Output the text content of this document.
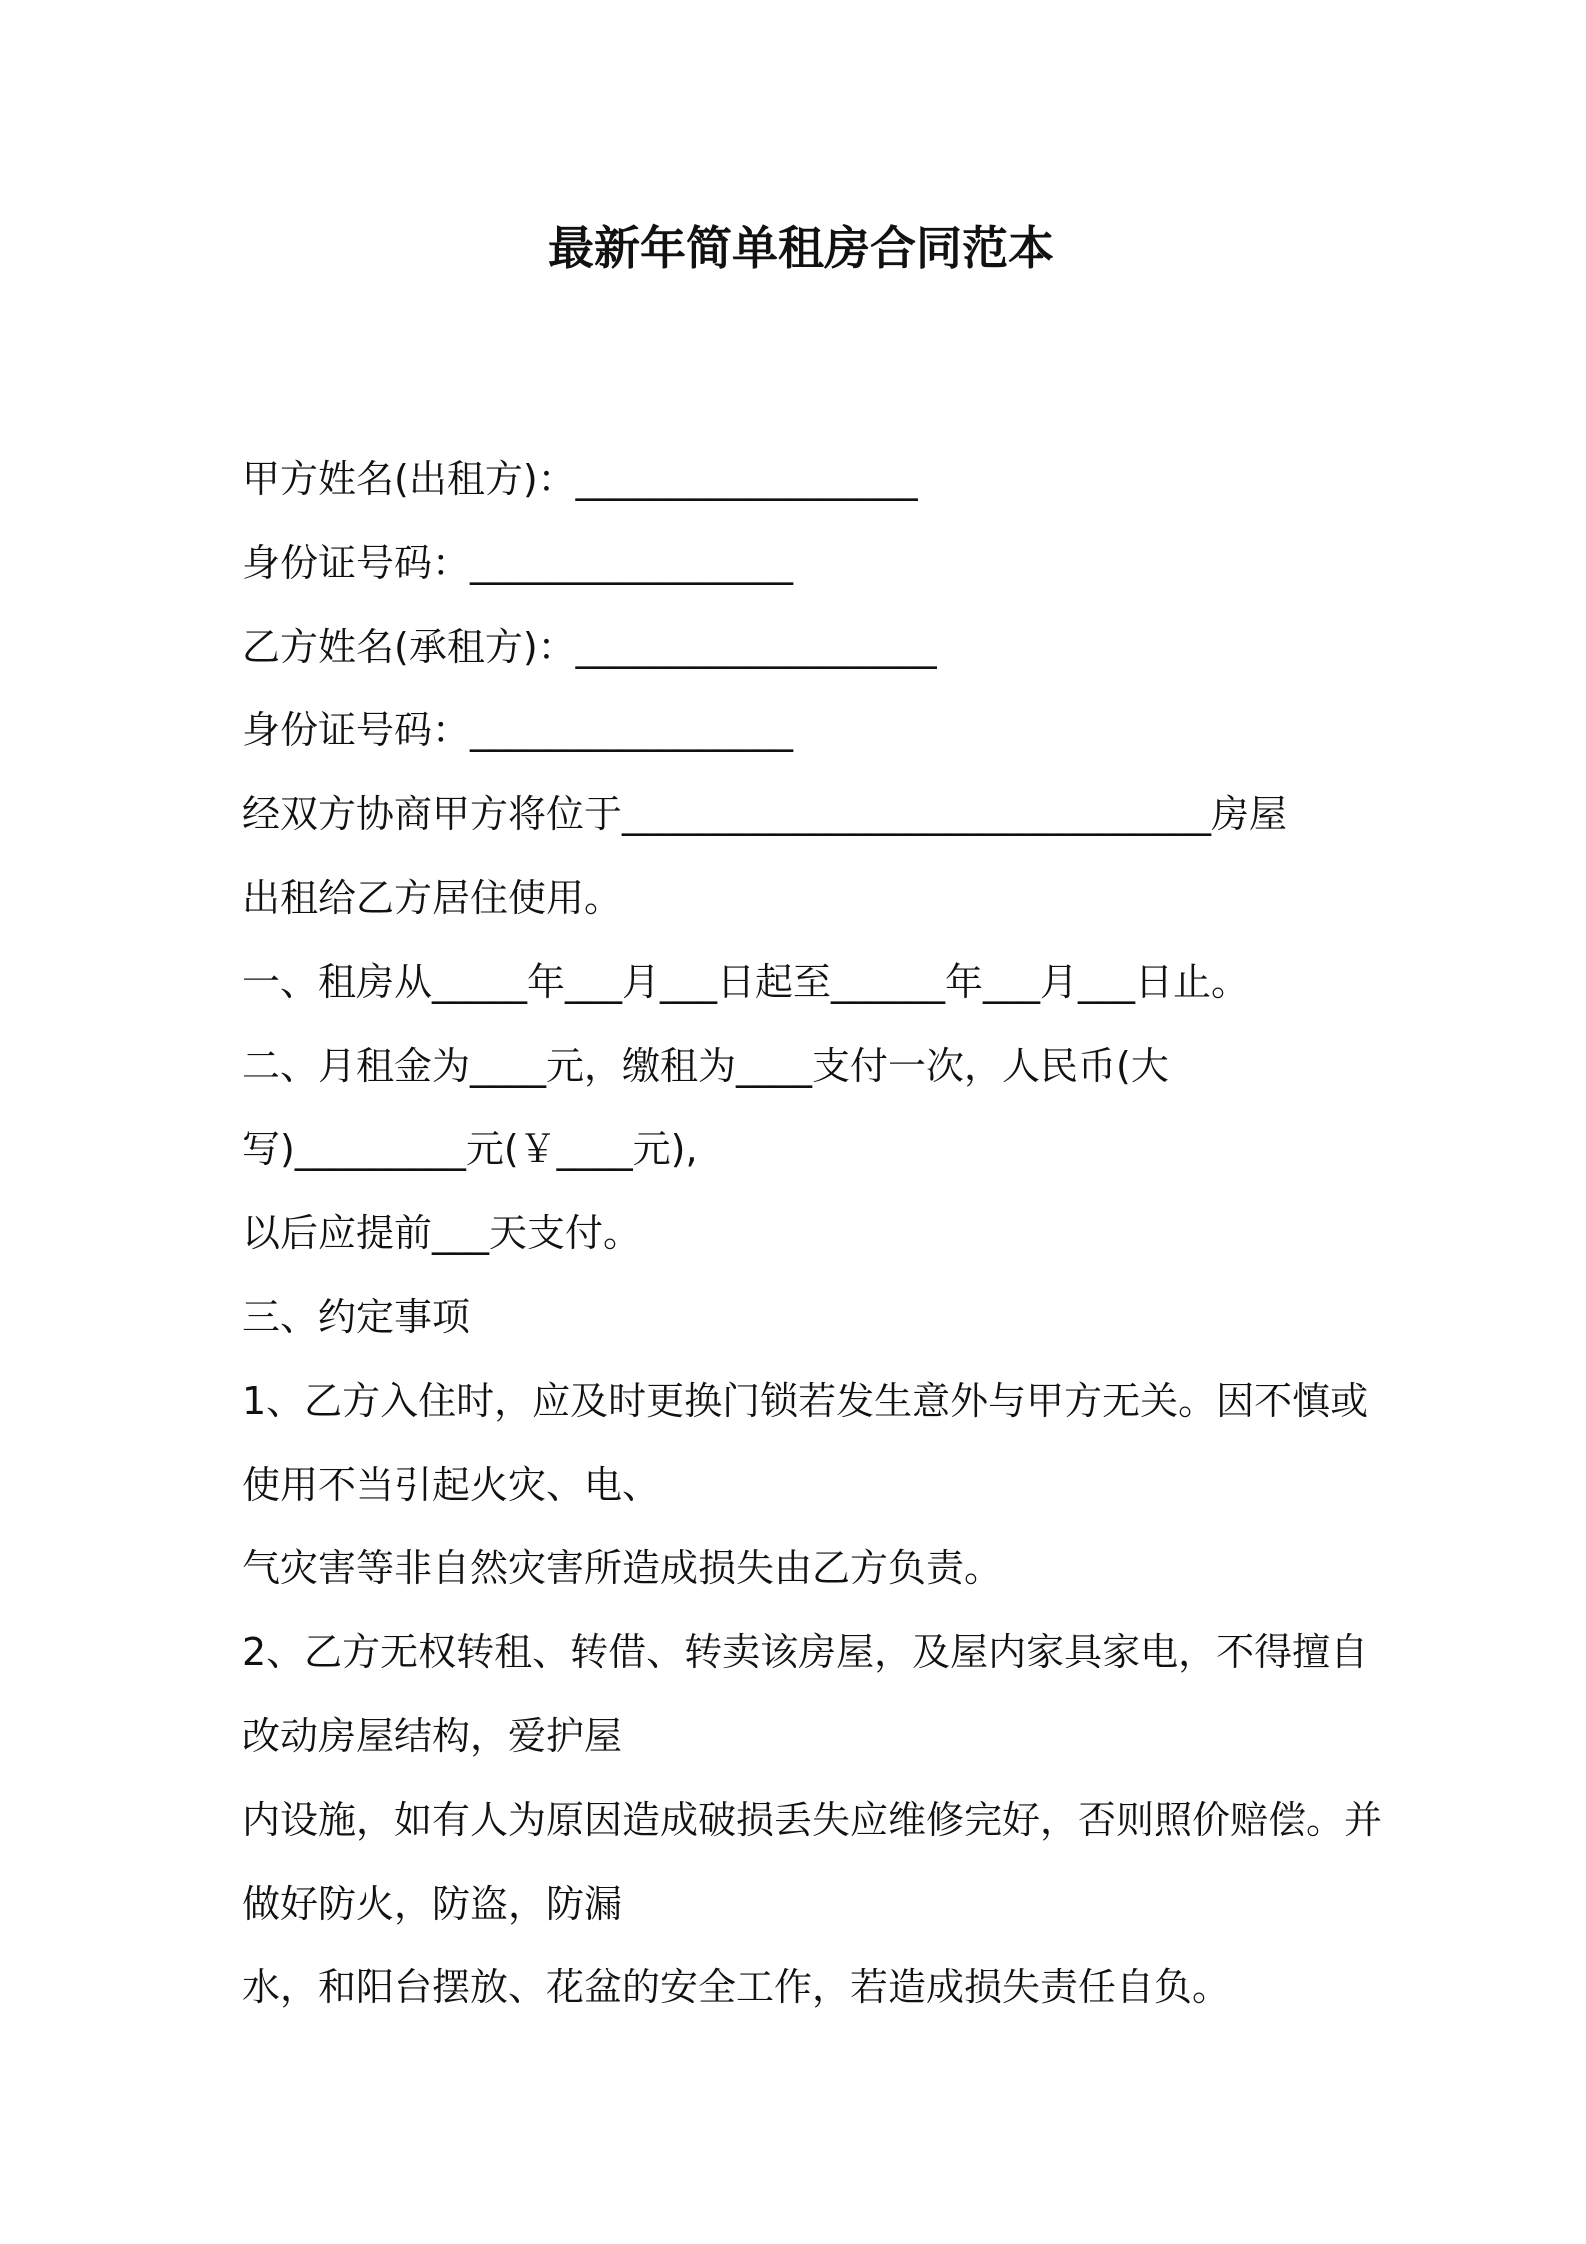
最新年简单租房合同范本
甲方姓名(出租方)：__________________
身份证号码：_________________
乙方姓名(承租方)：___________________
身份证号码：_________________
经双方协商甲方将位于_______________________________房屋
出租给乙方居住使用。
一、租房从_____年___月___日起至______年___月___日止。
二、月租金为____元，缴租为____支付一次，人民币(大
写)_________元(￥____元),
以后应提前___天支付。
三、约定事项
1、乙方入住时，应及时更换门锁若发生意外与甲方无关。因不慎或
使用不当引起火灾、电、
气灾害等非自然灾害所造成损失由乙方负责。
2、乙方无权转租、转借、转卖该房屋，及屋内家具家电，不得擅自
改动房屋结构，爱护屋
内设施，如有人为原因造成破损丢失应维修完好，否则照价赔偿。并
做好防火，防盗，防漏
水，和阳台摆放、花盆的安全工作，若造成损失责任自负。
